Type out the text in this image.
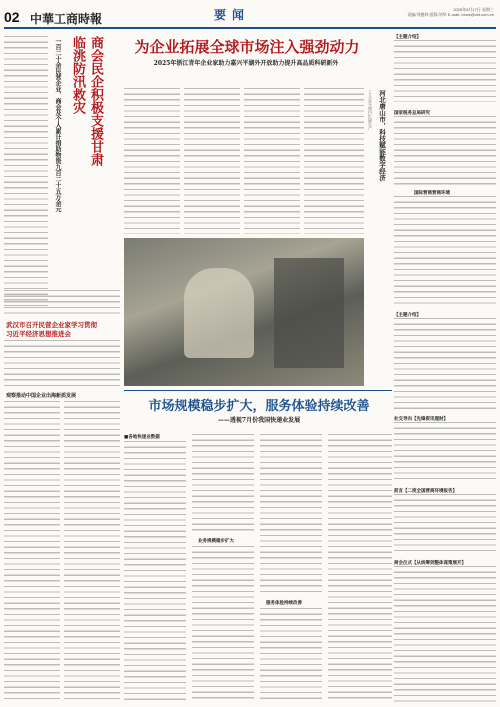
02 中華工商時報	要闻	2025年8月17日 星期三
责编/刘德林 组版/刘华 E-mail: news@cbt.com.cn
商会民企积极支援甘肃
临洮防汛救灾
一百二十余民营企业、商会及个人累计捐助物资九百二十五万余元
武汉市召开民营企业家学习贯彻
习近平经济思想推进会
观察推动中国企业出海新质发展
为企业拓展全球市场注入强劲动力
2025年浙江青年企业家助力嘉兴平湖外开放助力提升高品质科研新外
河北唐山市，科技赋能数字经济
工人在车间内忙碌生产
【主题介绍】
国家税务总局研究
国际营商营商环境
【主题介绍】
社交导向【先锋资讯理财】
前言【二度全国营商环境报告】
商会仪式【从统筹到整体谋策展开】
市场规模稳步扩大，服务体验持续改善
——透视7月份我国快递业发展
■各地快递业数据
业务规模稳步扩大
服务体验持续改善
